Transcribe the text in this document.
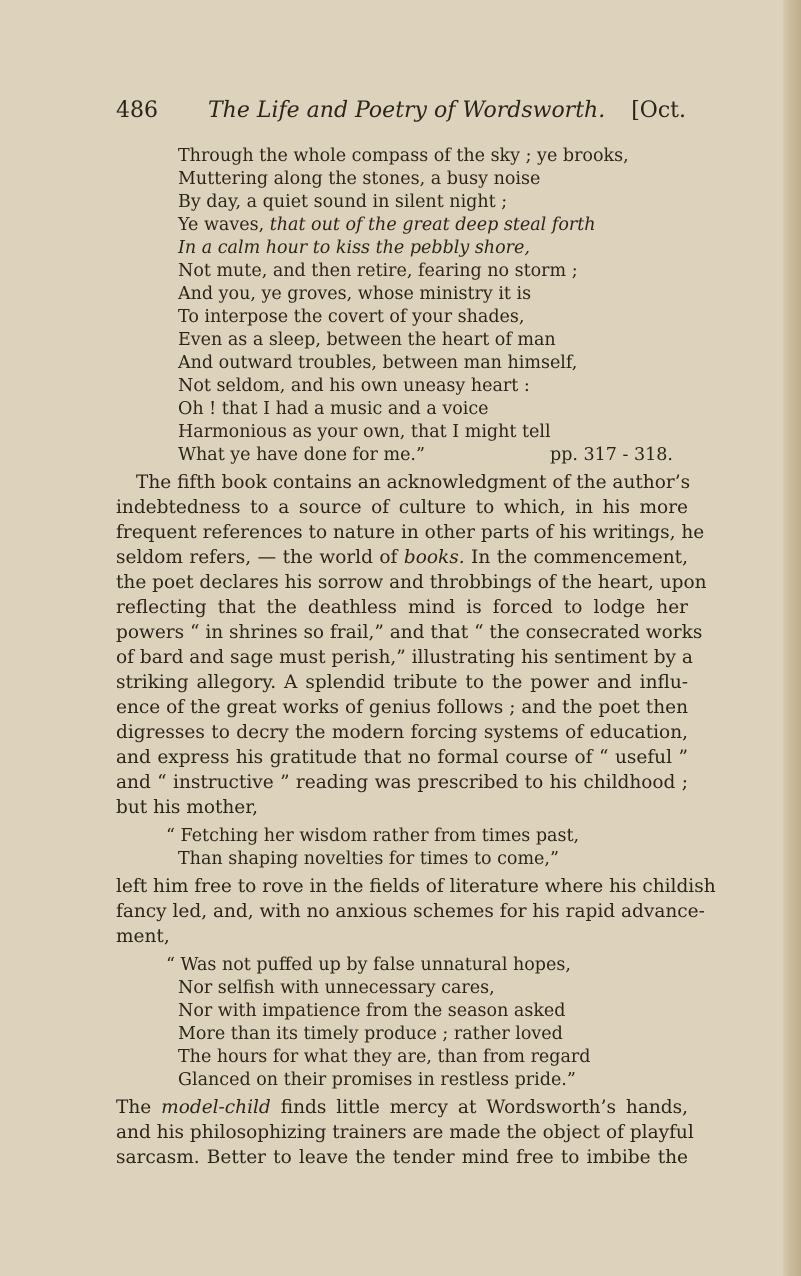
486 The Life and Poetry of Wordsworth. [Oct.
Through the whole compass of the sky ; ye brooks,
Muttering along the stones, a busy noise
By day, a quiet sound in silent night ;
Ye waves, that out of the great deep steal forth
In a calm hour to kiss the pebbly shore,
Not mute, and then retire, fearing no storm ;
And you, ye groves, whose ministry it is
To interpose the covert of your shades,
Even as a sleep, between the heart of man
And outward troubles, between man himself,
Not seldom, and his own uneasy heart :
Oh ! that I had a music and a voice
Harmonious as your own, that I might tell
What ye have done for me.”	pp. 317 - 318.
The fifth book contains an acknowledgment of the author’s
indebtedness to a source of culture to which, in his more
frequent references to nature in other parts of his writings, he
seldom refers, — the world of books. In the commencement,
the poet declares his sorrow and throbbings of the heart, upon
reflecting that the deathless mind is forced to lodge her
powers “ in shrines so frail,” and that “ the consecrated works
of bard and sage must perish,” illustrating his sentiment by a
striking allegory. A splendid tribute to the power and influ-
ence of the great works of genius follows ; and the poet then
digresses to decry the modern forcing systems of education,
and express his gratitude that no formal course of “ useful ”
and “ instructive ” reading was prescribed to his childhood ;
but his mother,
“ Fetching her wisdom rather from times past,
Than shaping novelties for times to come,”
left him free to rove in the fields of literature where his childish
fancy led, and, with no anxious schemes for his rapid advance-
ment,
“ Was not puffed up by false unnatural hopes,
Nor selfish with unnecessary cares,
Nor with impatience from the season asked
More than its timely produce ; rather loved
The hours for what they are, than from regard
Glanced on their promises in restless pride.”
The model-child finds little mercy at Wordsworth’s hands,
and his philosophizing trainers are made the object of playful
sarcasm. Better to leave the tender mind free to imbibe the
